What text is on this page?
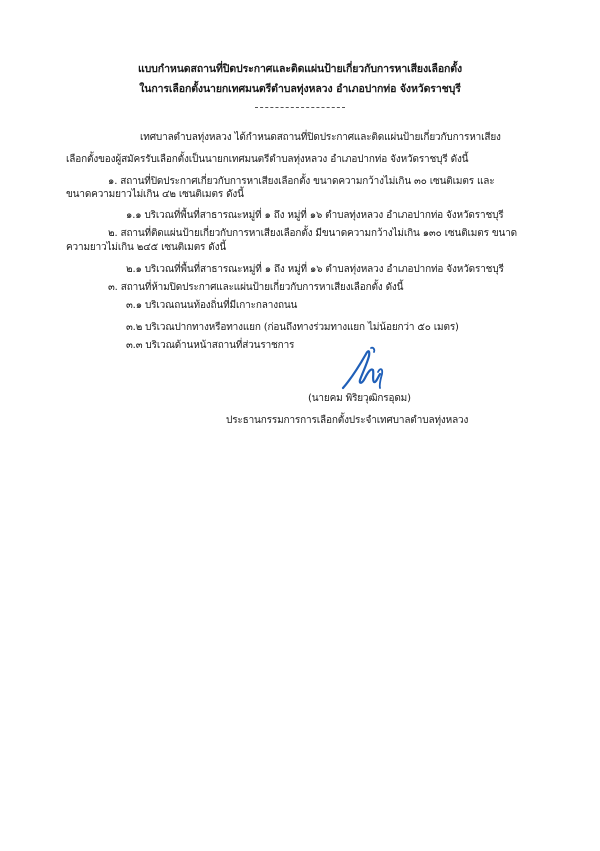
แบบกำหนดสถานที่ปิดประกาศและติดแผ่นป้ายเกี่ยวกับการหาเสียงเลือกตั้ง
ในการเลือกตั้งนายกเทศมนตรีตำบลทุ่งหลวง อำเภอปากท่อ จังหวัดราชบุรี
เทศบาลตำบลทุ่งหลวง ได้กำหนดสถานที่ปิดประกาศและติดแผ่นป้ายเกี่ยวกับการหาเสียง
เลือกตั้งของผู้สมัครรับเลือกตั้งเป็นนายกเทศมนตรีตำบลทุ่งหลวง อำเภอปากท่อ จังหวัดราชบุรี ดังนี้
๑. สถานที่ปิดประกาศเกี่ยวกับการหาเสียงเลือกตั้ง ขนาดความกว้างไม่เกิน ๓๐ เซนติเมตร และ
ขนาดความยาวไม่เกิน ๔๒ เซนติเมตร ดังนี้
๑.๑ บริเวณที่พื้นที่สาธารณะหมู่ที่ ๑ ถึง หมู่ที่ ๑๖ ตำบลทุ่งหลวง อำเภอปากท่อ จังหวัดราชบุรี
๒. สถานที่ติดแผ่นป้ายเกี่ยวกับการหาเสียงเลือกตั้ง มีขนาดความกว้างไม่เกิน ๑๓๐ เซนติเมตร ขนาด
ความยาวไม่เกิน ๒๔๕ เซนติเมตร ดังนี้
๒.๑ บริเวณที่พื้นที่สาธารณะหมู่ที่ ๑ ถึง หมู่ที่ ๑๖ ตำบลทุ่งหลวง อำเภอปากท่อ จังหวัดราชบุรี
๓. สถานที่ห้ามปิดประกาศและแผ่นป้ายเกี่ยวกับการหาเสียงเลือกตั้ง ดังนี้
๓.๑ บริเวณถนนท้องถิ่นที่มีเกาะกลางถนน
๓.๒ บริเวณปากทางหรือทางแยก (ก่อนถึงทางร่วมทางแยก ไม่น้อยกว่า ๕๐ เมตร)
๓.๓ บริเวณด้านหน้าสถานที่ส่วนราชการ
(นายคม พิริยวุฒิกรอุดม)
ประธานกรรมการการเลือกตั้งประจำเทศบาลตำบลทุ่งหลวง
